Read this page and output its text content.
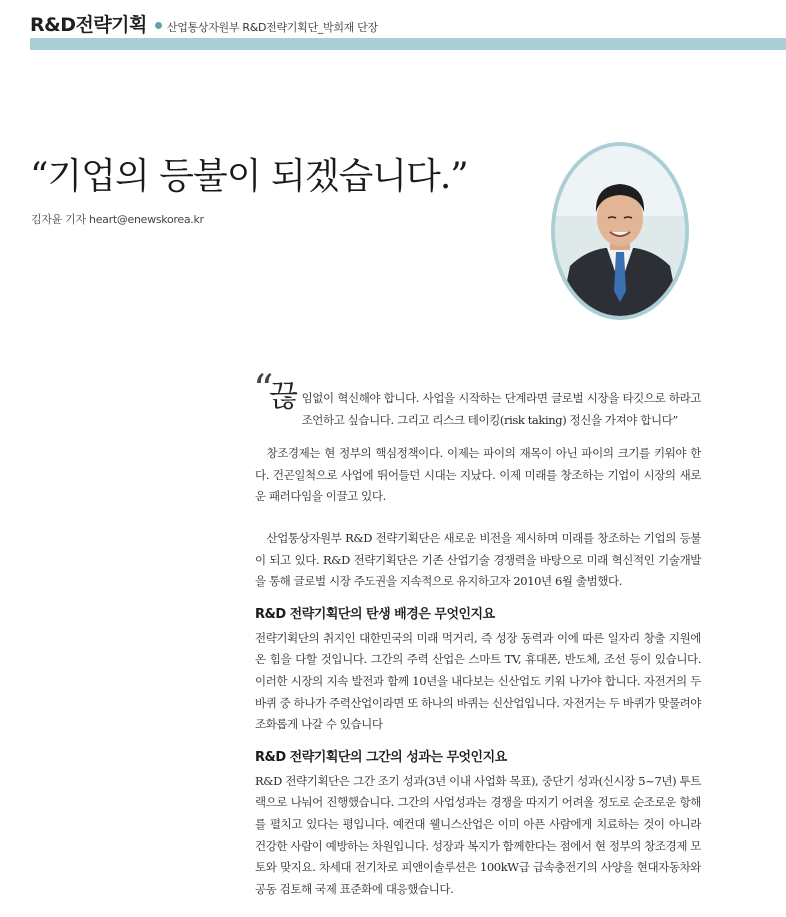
R&D전략기획 산업통상자원부 R&D전략기획단_박희재 단장
“기업의 등불이 되겠습니다.”
김자윤 기자 heart@enewskorea.kr
“
끊 임없이 혁신해야 합니다. 사업을 시작하는 단계라면 글로벌 시장을 타깃으로 하라고 조언하고 싶습니다. 그리고 리스크 테이킹(risk taking) 정신을 가져야 합니다”

창조경제는 현 정부의 핵심정책이다. 이제는 파이의 재목이 아닌 파이의 크기를 키워야 한다. 건곤일척으로 사업에 뛰어들던 시대는 지났다. 이제 미래를 창조하는 기업이 시장의 새로운 패러다임을 이끌고 있다.

산업통상자원부 R&D 전략기획단은 새로운 비전을 제시하며 미래를 창조하는 기업의 등불 이 되고 있다. R&D 전략기획단은 기존 산업기술 경쟁력을 바탕으로 미래 혁신적인 기술개발을 통해 글로벌 시장 주도권을 지속적으로 유지하고자 2010년 6월 출범했다.

R&D 전략기획단의 탄생 배경은 무엇인지요

전략기획단의 취지인 대한민국의 미래 먹거리, 즉 성장 동력과 이에 따른 일자리 창출 지원에 온 힘을 다할 것입니다. 그간의 주력 산업은 스마트 TV, 휴대폰, 반도체, 조선 등이 있습니다. 이러한 시장의 지속 발전과 함께 10년을 내다보는 신산업도 키워 나가야 합니다. 자전거의 두 바퀴 중 하나가 주력산업이라면 또 하나의 바퀴는 신산업입니다. 자전거는 두 바퀴가 맞물려야 조화롭게 나갈 수 있습니다

R&D 전략기획단의 그간의 성과는 무엇인지요

R&D 전략기획단은 그간 조기 성과(3년 이내 사업화 목표), 중단기 성과(신시장 5~7년) 투트랙으로 나눠어 진행했습니다. 그간의 사업성과는 경쟁을 따지기 어려울 정도로 순조로운 항해를 펼치고 있다는 평입니다. 예컨대 웰니스산업은 이미 아픈 사람에게 치료하는 것이 아니라 건강한 사람이 예방하는 차원입니다. 성장과 복지가 함께한다는 점에서 현 정부의 창조경제 모토와 맞지요. 차세대 전기차로 피앤이솔루션은 100kW급 급속충전기의 사양을 현대자동차와 공동 검토해 국제 표준화에 대응했습니다.
